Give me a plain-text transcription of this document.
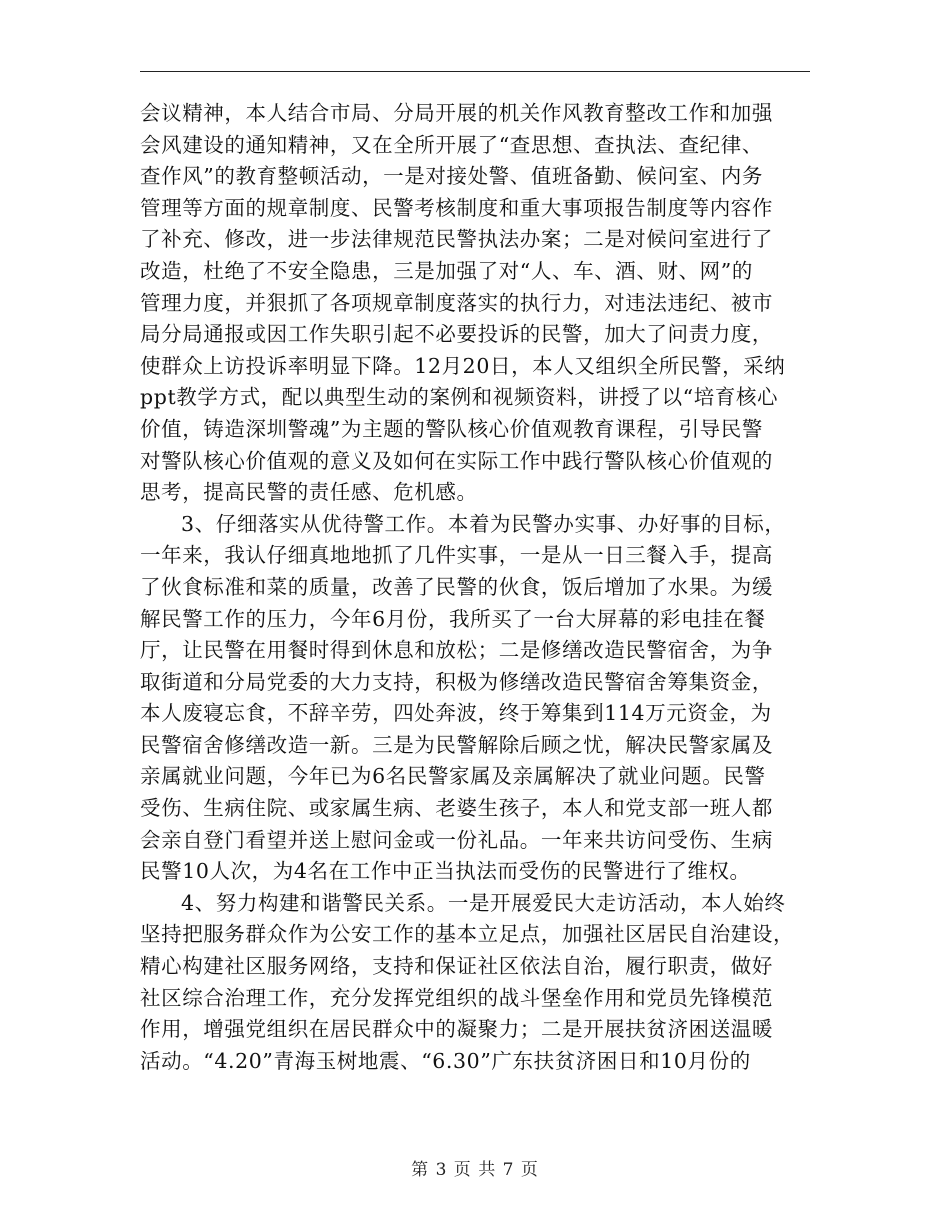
会议精神，本人结合市局、分局开展的机关作风教育整改工作和加强
会风建设的通知精神，又在全所开展了“查思想、查执法、查纪律、
查作风”的教育整顿活动，一是对接处警、值班备勤、候问室、内务
管理等方面的规章制度、民警考核制度和重大事项报告制度等内容作
了补充、修改，进一步法律规范民警执法办案；二是对候问室进行了
改造，杜绝了不安全隐患，三是加强了对“人、车、酒、财、网”的
管理力度，并狠抓了各项规章制度落实的执行力，对违法违纪、被市
局分局通报或因工作失职引起不必要投诉的民警，加大了问责力度，
使群众上访投诉率明显下降。12月20日，本人又组织全所民警，采纳
ppt教学方式，配以典型生动的案例和视频资料，讲授了以“培育核心
价值，铸造深圳警魂”为主题的警队核心价值观教育课程，引导民警
对警队核心价值观的意义及如何在实际工作中践行警队核心价值观的
思考，提高民警的责任感、危机感。
3、仔细落实从优待警工作。本着为民警办实事、办好事的目标，
一年来，我认仔细真地地抓了几件实事，一是从一日三餐入手，提高
了伙食标准和菜的质量，改善了民警的伙食，饭后增加了水果。为缓
解民警工作的压力，今年6月份，我所买了一台大屏幕的彩电挂在餐
厅，让民警在用餐时得到休息和放松；二是修缮改造民警宿舍，为争
取街道和分局党委的大力支持，积极为修缮改造民警宿舍筹集资金，
本人废寝忘食，不辞辛劳，四处奔波，终于筹集到114万元资金，为
民警宿舍修缮改造一新。三是为民警解除后顾之忧，解决民警家属及
亲属就业问题，今年已为6名民警家属及亲属解决了就业问题。民警
受伤、生病住院、或家属生病、老婆生孩子，本人和党支部一班人都
会亲自登门看望并送上慰问金或一份礼品。一年来共访问受伤、生病
民警10人次，为4名在工作中正当执法而受伤的民警进行了维权。
4、努力构建和谐警民关系。一是开展爱民大走访活动，本人始终
坚持把服务群众作为公安工作的基本立足点，加强社区居民自治建设，
精心构建社区服务网络，支持和保证社区依法自治，履行职责，做好
社区综合治理工作，充分发挥党组织的战斗堡垒作用和党员先锋模范
作用，增强党组织在居民群众中的凝聚力；二是开展扶贫济困送温暖
活动。“4.20”青海玉树地震、“6.30”广东扶贫济困日和10月份的
第 3 页 共 7 页
